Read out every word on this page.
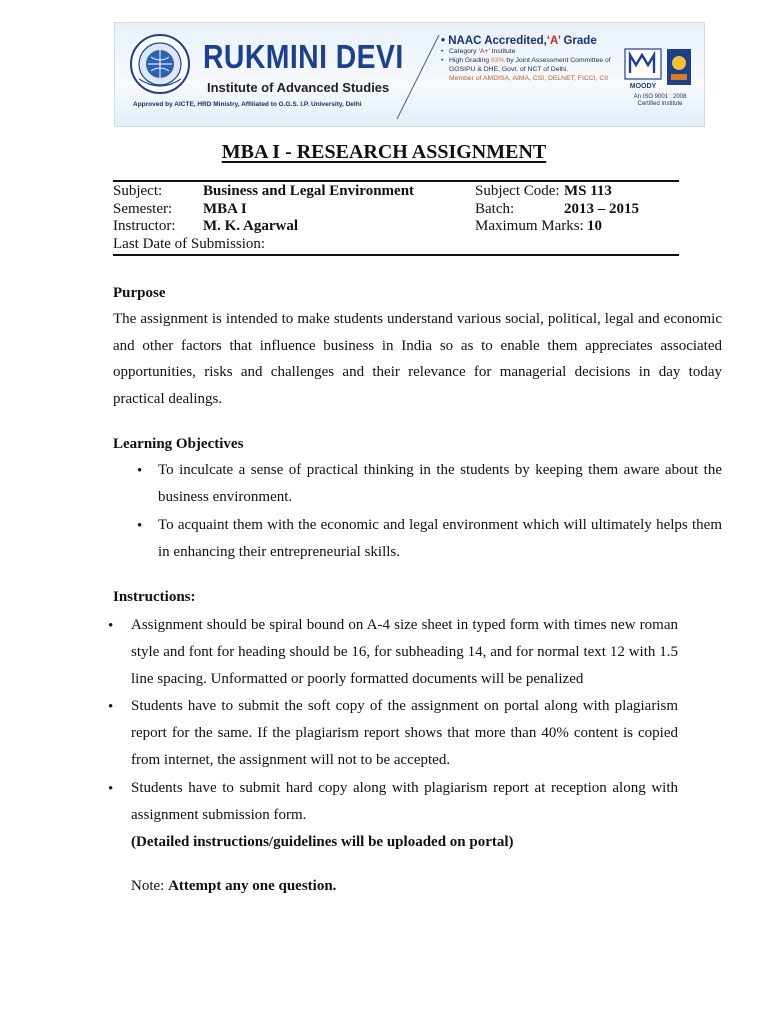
RUKMINI DEVI
Institute of Advanced Studies
Approved by AICTE, HRD Ministry, Affiliated to G.G.S. I.P. University, Delhi
• NAAC Accredited,‘A’ Grade
• Category ‘A+’ Institute
• High Grading 83% by Joint Assessment Committee of GGSIPU & DHE, Govt. of NCT of Delhi.
Member of AMDISA, AIMA, CSI, DELNET, FICCI, CII
MOODY
An ISO 9001 : 2008
Certified Institute
MBA I - RESEARCH ASSIGNMENT
Subject:	Business and Legal Environment
Semester: MBA I
Instructor: M. K. Agarwal
Last Date of Submission:
Subject Code: MS 113
Batch:	2013 – 2015
Maximum Marks: 10
Purpose
The assignment is intended to make students understand various social, political, legal and economic and other factors that influence business in India so as to enable them appreciates associated opportunities, risks and challenges and their relevance for managerial decisions in day today practical dealings.
Learning Objectives
• To inculcate a sense of practical thinking in the students by keeping them aware about the business environment.
• To acquaint them with the economic and legal environment which will ultimately helps them in enhancing their entrepreneurial skills.
Instructions:
• Assignment should be spiral bound on A-4 size sheet in typed form with times new roman style and font for heading should be 16, for subheading 14, and for normal text 12 with 1.5 line spacing. Unformatted or poorly formatted documents will be penalized
• Students have to submit the soft copy of the assignment on portal along with plagiarism report for the same. If the plagiarism report shows that more than 40% content is copied from internet, the assignment will not to be accepted.
• Students have to submit hard copy along with plagiarism report at reception along with assignment submission form.
(Detailed instructions/guidelines will be uploaded on portal)
Note: Attempt any one question.
